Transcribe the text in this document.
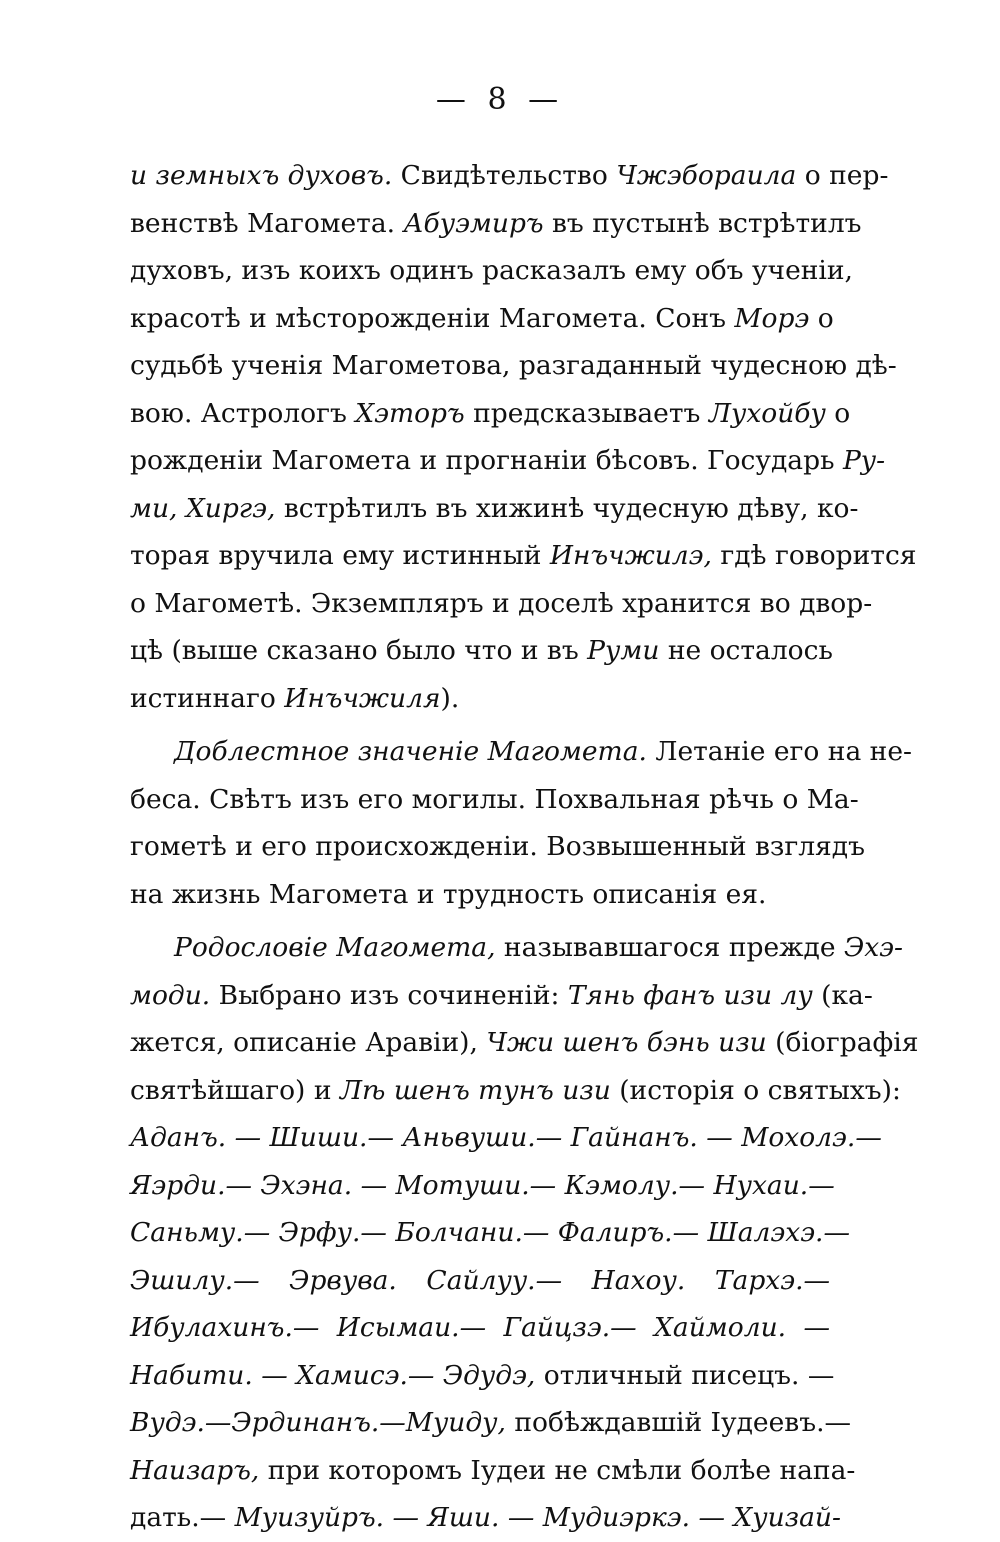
— 8 —
и земныхъ духовъ. Свидѣтельство Чжэбораила о пер-
венствѣ Магомета. Абуэмиръ въ пустынѣ встрѣтилъ
духовъ, изъ коихъ одинъ расказалъ ему объ ученіи,
красотѣ и мѣсторожденіи Магомета. Сонъ Морэ о
судьбѣ ученія Магометова, разгаданный чудесною дѣ-
вою. Астрологъ Хэторъ предсказываетъ Лухойбу о
рожденіи Магомета и прогнаніи бѣсовъ. Государь Ру-
ми, Хиргэ, встрѣтилъ въ хижинѣ чудесную дѣву, ко-
торая вручила ему истинный Инъчжилэ, гдѣ говорится
о Магометѣ. Экземпляръ и доселѣ хранится во двор-
цѣ (выше сказано было что и въ Руми не осталось
истиннаго Инъчжиля).
Доблестное значеніе Магомета. Летаніе его на не-
беса. Свѣтъ изъ его могилы. Похвальная рѣчь о Ма-
гометѣ и его происхожденіи. Возвышенный взглядъ
на жизнь Магомета и трудность описанія ея.
Родословіе Магомета, называвшагося прежде Эхэ-
моди. Выбрано изъ сочиненій: Тянь фанъ изи лу (ка-
жется, описаніе Аравіи), Чжи шенъ бэнь изи (біографія
святѣйшаго) и Лѣ шенъ тунъ изи (исторія о святыхъ):
Аданъ. — Шиши.— Аньвуши.— Гайнанъ. — Мохолэ.—
Яэрди.— Эхэна. — Мотуши.— Кэмолу.— Нухаи.—
Саньму.— Эрфу.— Болчани.— Фалиръ.— Шалэхэ.—
Эшилу.— Эрвува. Сайлуу.— Нахоу. Тархэ.—
Ибулахинъ.— Исымаи.— Гайцзэ.— Хаймоли. —
Набити. — Хамисэ.— Эдудэ, отличный писецъ. —
Вудэ.—Эрдинанъ.—Муиду, побѣждавшій Іудеевъ.—
Наизаръ, при которомъ Іудеи не смѣли болѣе напа-
дать.— Муизуйръ. — Яши. — Мудиэркэ. — Хуизай-
